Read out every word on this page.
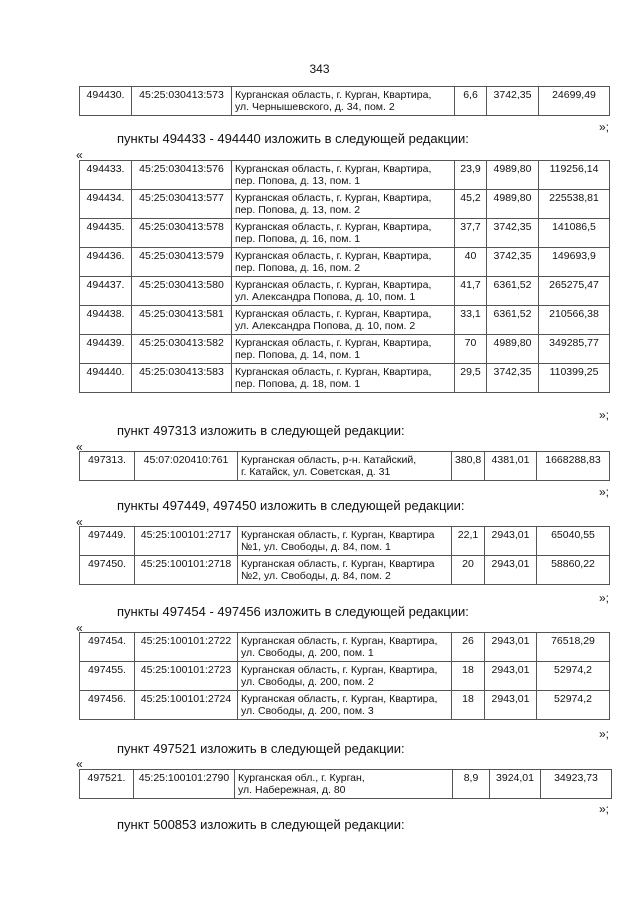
343
494430.	45:25:030413:573	Курганская область, г. Курган, Квартира,
ул. Чернышевского, д. 34, пом. 2
	6,6	3742,35	24699,49
»;
пункты 494433 - 494440 изложить в следующей редакции:
«
494433.	45:25:030413:576	Курганская область, г. Курган, Квартира,
пер. Попова, д. 13, пом. 1	23,9	4989,80	119256,14
494434.	45:25:030413:577	Курганская область, г. Курган, Квартира,
пер. Попова, д. 13, пом. 2	45,2	4989,80	225538,81
494435.	45:25:030413:578	Курганская область, г. Курган, Квартира,
пер. Попова, д. 16, пом. 1	37,7	3742,35	141086,5
494436.	45:25:030413:579	Курганская область, г. Курган, Квартира,
пер. Попова, д. 16, пом. 2	40	3742,35	149693,9
494437.	45:25:030413:580	Курганская область, г. Курган, Квартира,
ул. Александра Попова, д. 10, пом. 1	41,7	6361,52	265275,47
494438.	45:25:030413:581	Курганская область, г. Курган, Квартира,
ул. Александра Попова, д. 10, пом. 2	33,1	6361,52	210566,38
494439.	45:25:030413:582	Курганская область, г. Курган, Квартира,
пер. Попова, д. 14, пом. 1	70	4989,80	349285,77
494440.	45:25:030413:583	Курганская область, г. Курган, Квартира,
пер. Попова, д. 18, пом. 1	29,5	3742,35	110399,25
»;
пункт 497313 изложить в следующей редакции:
«
497313.	45:07:020410:761	Курганская область, р-н. Катайский,
г. Катайск, ул. Советская, д. 31
	380,8	4381,01	1668288,83
»;
пункты 497449, 497450 изложить в следующей редакции:
«
497449.	45:25:100101:2717	Курганская область, г. Курган, Квартира
№1, ул. Свободы, д. 84, пом. 1	22,1	2943,01	65040,55
497450.	45:25:100101:2718	Курганская область, г. Курган, Квартира
№2, ул. Свободы, д. 84, пом. 2	20	2943,01	58860,22
»;
пункты 497454 - 497456 изложить в следующей редакции:
«
497454.	45:25:100101:2722	Курганская область, г. Курган, Квартира,
ул. Свободы, д. 200, пом. 1	26	2943,01	76518,29
497455.	45:25:100101:2723	Курганская область, г. Курган, Квартира,
ул. Свободы, д. 200, пом. 2	18	2943,01	52974,2
497456.	45:25:100101:2724	Курганская область, г. Курган, Квартира,
ул. Свободы, д. 200, пом. 3	18	2943,01	52974,2
»;
пункт 497521 изложить в следующей редакции:
«
497521.	45:25:100101:2790	Курганская обл., г. Курган,
ул. Набережная, д. 80
	8,9	3924,01	34923,73
»;
пункт 500853 изложить в следующей редакции:
